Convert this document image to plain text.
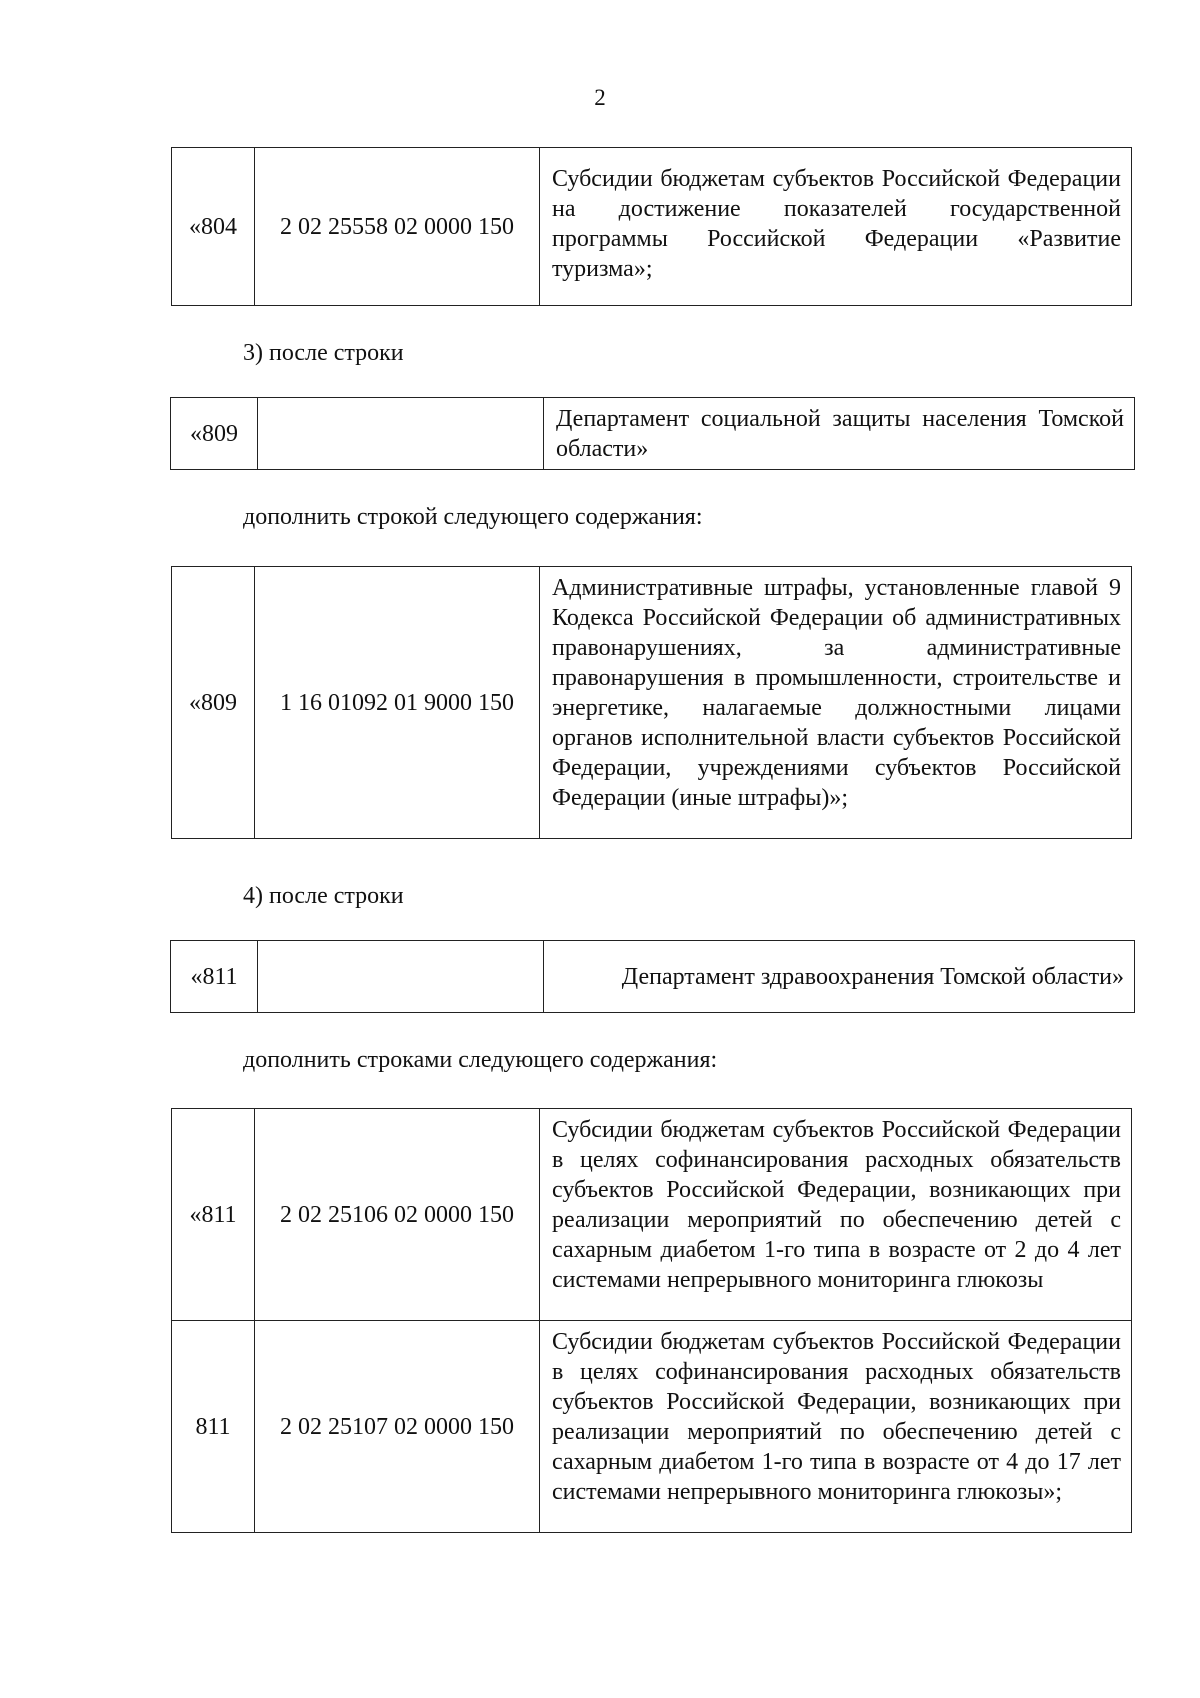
2
«804	2 02 25558 02 0000 150	Субсидии бюджетам субъектов Российской Федерации на достижение показателей государственной программы Российской Федерации «Развитие туризма»;
3) после строки
«809		Департамент социальной защиты населения Томской области»
дополнить строкой следующего содержания:
«809	1 16 01092 01 9000 150	Административные штрафы, установленные главой 9 Кодекса Российской Федерации об административных правонарушениях, за административные правонарушения в промышленности, строительстве и энергетике, налагаемые должностными лицами органов исполнительной власти субъектов Российской Федерации, учреждениями субъектов Российской Федерации (иные штрафы)»;
4) после строки
«811		Департамент здравоохранения Томской области»
дополнить строками следующего содержания:
«811	2 02 25106 02 0000 150	Субсидии бюджетам субъектов Российской Федерации в целях софинансирования расходных обязательств субъектов Российской Федерации, возникающих при реализации мероприятий по обеспечению детей с сахарным диабетом 1-го типа в возрасте от 2 до 4 лет системами непрерывного мониторинга глюкозы
811	2 02 25107 02 0000 150	Субсидии бюджетам субъектов Российской Федерации в целях софинансирования расходных обязательств субъектов Российской Федерации, возникающих при реализации мероприятий по обеспечению детей с сахарным диабетом 1-го типа в возрасте от 4 до 17 лет системами непрерывного мониторинга глюкозы»;
